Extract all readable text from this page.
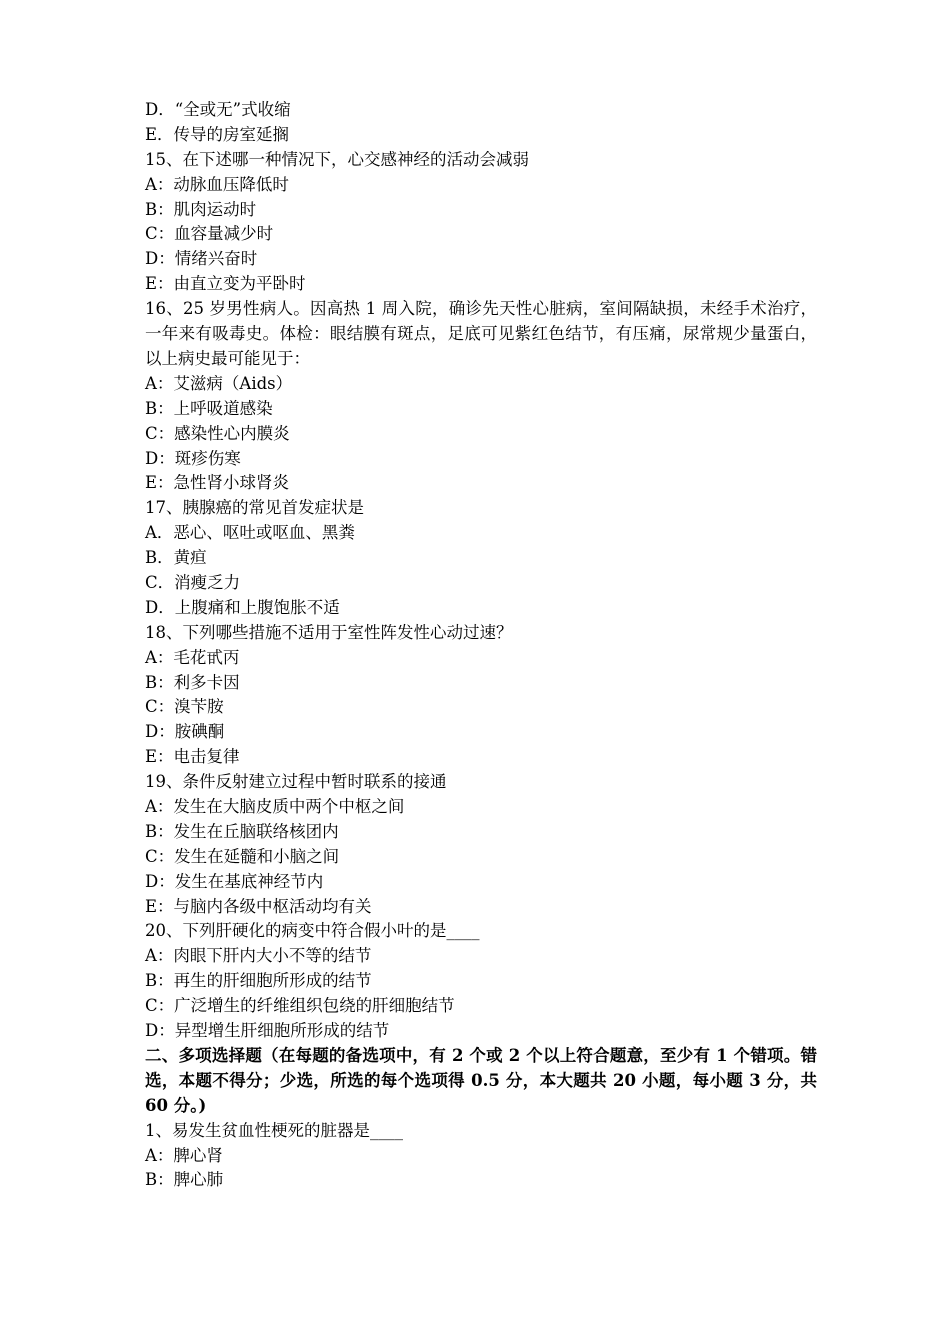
D．“全或无”式收缩
E．传导的房室延搁
15、在下述哪一种情况下，心交感神经的活动会减弱
A：动脉血压降低时
B：肌肉运动时
C：血容量减少时
D：情绪兴奋时
E：由直立变为平卧时
16、25 岁男性病人。因高热 1 周入院，确诊先天性心脏病，室间隔缺损，未经手术治疗，一年来有吸毒史。体检：眼结膜有斑点，足底可见紫红色结节，有压痛，尿常规少量蛋白，以上病史最可能见于：
A：艾滋病（Aids）
B：上呼吸道感染
C：感染性心内膜炎
D：斑疹伤寒
E：急性肾小球肾炎
17、胰腺癌的常见首发症状是
A．恶心、呕吐或呕血、黑粪
B．黄疸
C．消瘦乏力
D．上腹痛和上腹饱胀不适
18、下列哪些措施不适用于室性阵发性心动过速？
A：毛花甙丙
B：利多卡因
C：溴苄胺
D：胺碘酮
E：电击复律
19、条件反射建立过程中暂时联系的接通
A：发生在大脑皮质中两个中枢之间
B：发生在丘脑联络核团内
C：发生在延髓和小脑之间
D：发生在基底神经节内
E：与脑内各级中枢活动均有关
20、下列肝硬化的病变中符合假小叶的是____
A：肉眼下肝内大小不等的结节
B：再生的肝细胞所形成的结节
C：广泛增生的纤维组织包绕的肝细胞结节
D：异型增生肝细胞所形成的结节
二、多项选择题（在每题的备选项中，有 2 个或 2 个以上符合题意，至少有 1 个错项。错选，本题不得分；少选，所选的每个选项得 0.5 分，本大题共 20 小题，每小题 3 分，共 60 分。)
1、易发生贫血性梗死的脏器是____
A：脾心肾
B：脾心肺
